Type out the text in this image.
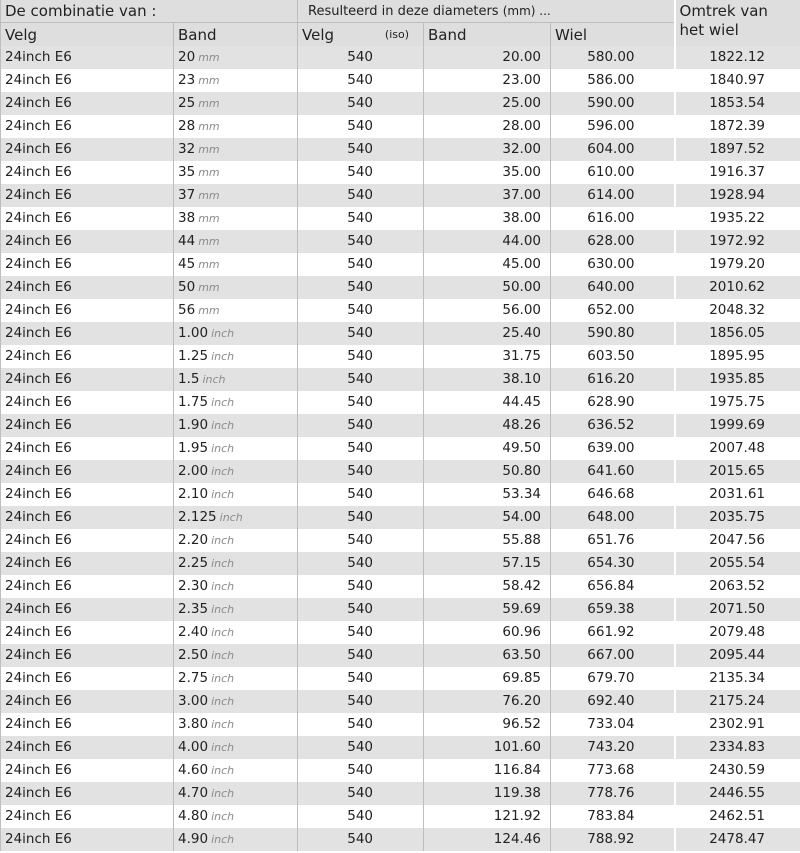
De combinatie van :		Resulteerd in deze diameters (mm) ...			Omtrek van het wiel

Velg	Band	Velg (iso)	Band	Wiel	
24inch E6	20 mm	540	20.00	580.00	1822.12
24inch E6	23 mm	540	23.00	586.00	1840.97
24inch E6	25 mm	540	25.00	590.00	1853.54
24inch E6	28 mm	540	28.00	596.00	1872.39
24inch E6	32 mm	540	32.00	604.00	1897.52
24inch E6	35 mm	540	35.00	610.00	1916.37
24inch E6	37 mm	540	37.00	614.00	1928.94
24inch E6	38 mm	540	38.00	616.00	1935.22
24inch E6	44 mm	540	44.00	628.00	1972.92
24inch E6	45 mm	540	45.00	630.00	1979.20
24inch E6	50 mm	540	50.00	640.00	2010.62
24inch E6	56 mm	540	56.00	652.00	2048.32
24inch E6	1.00 inch	540	25.40	590.80	1856.05
24inch E6	1.25 inch	540	31.75	603.50	1895.95
24inch E6	1.5 inch	540	38.10	616.20	1935.85
24inch E6	1.75 inch	540	44.45	628.90	1975.75
24inch E6	1.90 inch	540	48.26	636.52	1999.69
24inch E6	1.95 inch	540	49.50	639.00	2007.48
24inch E6	2.00 inch	540	50.80	641.60	2015.65
24inch E6	2.10 inch	540	53.34	646.68	2031.61
24inch E6	2.125 inch	540	54.00	648.00	2035.75
24inch E6	2.20 inch	540	55.88	651.76	2047.56
24inch E6	2.25 inch	540	57.15	654.30	2055.54
24inch E6	2.30 inch	540	58.42	656.84	2063.52
24inch E6	2.35 inch	540	59.69	659.38	2071.50
24inch E6	2.40 inch	540	60.96	661.92	2079.48
24inch E6	2.50 inch	540	63.50	667.00	2095.44
24inch E6	2.75 inch	540	69.85	679.70	2135.34
24inch E6	3.00 inch	540	76.20	692.40	2175.24
24inch E6	3.80 inch	540	96.52	733.04	2302.91
24inch E6	4.00 inch	540	101.60	743.20	2334.83
24inch E6	4.60 inch	540	116.84	773.68	2430.59
24inch E6	4.70 inch	540	119.38	778.76	2446.55
24inch E6	4.80 inch	540	121.92	783.84	2462.51
24inch E6	4.90 inch	540	124.46	788.92	2478.47
